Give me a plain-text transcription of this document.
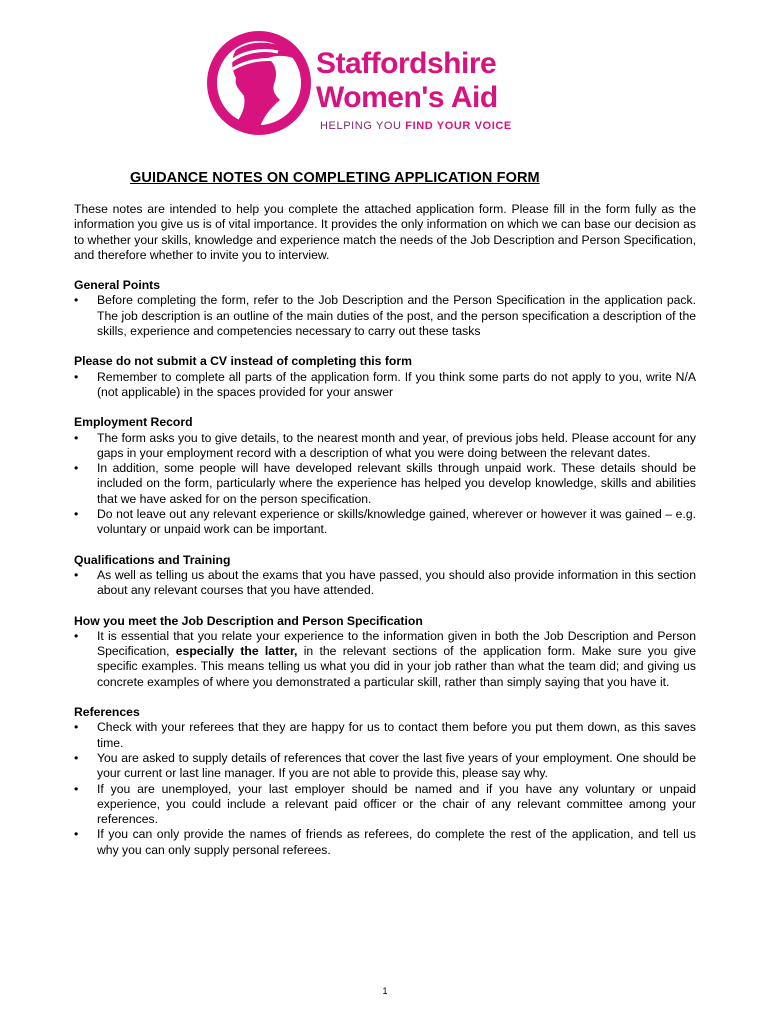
Staffordshire
Women's Aid
HELPING YOU FIND YOUR VOICE
GUIDANCE NOTES ON COMPLETING APPLICATION FORM

These notes are intended to help you complete the attached application form. Please fill in the form fully as the information you give us is of vital importance. It provides the only information on which we can base our decision as to whether your skills, knowledge and experience match the needs of the Job Description and Person Specification, and therefore whether to invite you to interview.

General Points
• Before completing the form, refer to the Job Description and the Person Specification in the application pack. The job description is an outline of the main duties of the post, and the person specification a description of the skills, experience and competencies necessary to carry out these tasks
Please do not submit a CV instead of completing this form
• Remember to complete all parts of the application form. If you think some parts do not apply to you, write N/A (not applicable) in the spaces provided for your answer
Employment Record
• The form asks you to give details, to the nearest month and year, of previous jobs held. Please account for any gaps in your employment record with a description of what you were doing between the relevant dates.
• In addition, some people will have developed relevant skills through unpaid work. These details should be included on the form, particularly where the experience has helped you develop knowledge, skills and abilities that we have asked for on the person specification.
• Do not leave out any relevant experience or skills/knowledge gained, wherever or however it was gained – e.g. voluntary or unpaid work can be important.
Qualifications and Training
• As well as telling us about the exams that you have passed, you should also provide information in this section about any relevant courses that you have attended.
How you meet the Job Description and Person Specification
• It is essential that you relate your experience to the information given in both the Job Description and Person Specification, especially the latter, in the relevant sections of the application form. Make sure you give specific examples. This means telling us what you did in your job rather than what the team did; and giving us concrete examples of where you demonstrated a particular skill, rather than simply saying that you have it.
References
• Check with your referees that they are happy for us to contact them before you put them down, as this saves time.
• You are asked to supply details of references that cover the last five years of your employment. One should be your current or last line manager. If you are not able to provide this, please say why.
• If you are unemployed, your last employer should be named and if you have any voluntary or unpaid experience, you could include a relevant paid officer or the chair of any relevant committee among your references.
• If you can only provide the names of friends as referees, do complete the rest of the application, and tell us why you can only supply personal referees.
1
